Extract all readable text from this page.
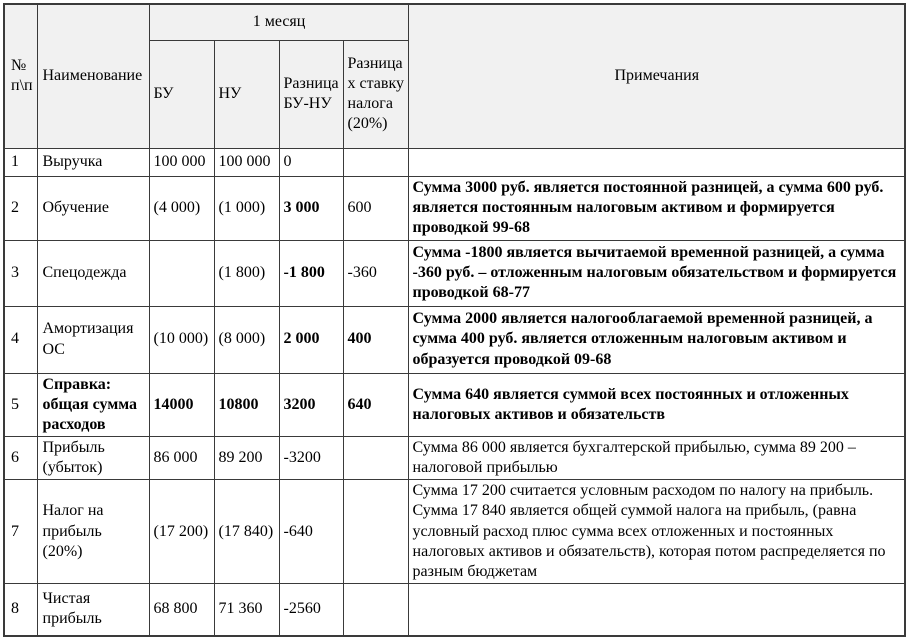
№ п\п	Наименование	1 месяц				Примечания
		БУ	НУ	Разница БУ-НУ	Разница х ставку налога (20%)	
1	Выручка	100 000	100 000	0		
2	Обучение	(4 000)	(1 000)	3 000	600	Сумма 3000 руб. является постоянной разницей, а сумма 600 руб. является постоянным налоговым активом и формируется проводкой 99-68
3	Спецодежда		(1 800)	-1 800	-360	Сумма -1800 является вычитаемой временной разницей, а сумма -360 руб. – отложенным налоговым обязательством и формируется проводкой 68-77
4	Амортизация ОС	(10 000)	(8 000)	2 000	400	Сумма 2000 является налогооблагаемой временной разницей, а сумма 400 руб. является отложенным налоговым активом и образуется проводкой 09-68
5	Справка: общая сумма расходов	14000	10800	3200	640	Сумма 640 является суммой всех постоянных и отложенных налоговых активов и обязательств
6	Прибыль (убыток)	86 000	89 200	-3200		Сумма 86 000 является бухгалтерской прибылью, сумма 89 200 – налоговой прибылью
7	Налог на прибыль (20%)	(17 200)	(17 840)	-640		Сумма 17 200 считается условным расходом по налогу на прибыль. Сумма 17 840 является общей суммой налога на прибыль, (равна условный расход плюс сумма всех отложенных и постоянных налоговых активов и обязательств), которая потом распределяется по разным бюджетам
8	Чистая прибыль	68 800	71 360	-2560		
